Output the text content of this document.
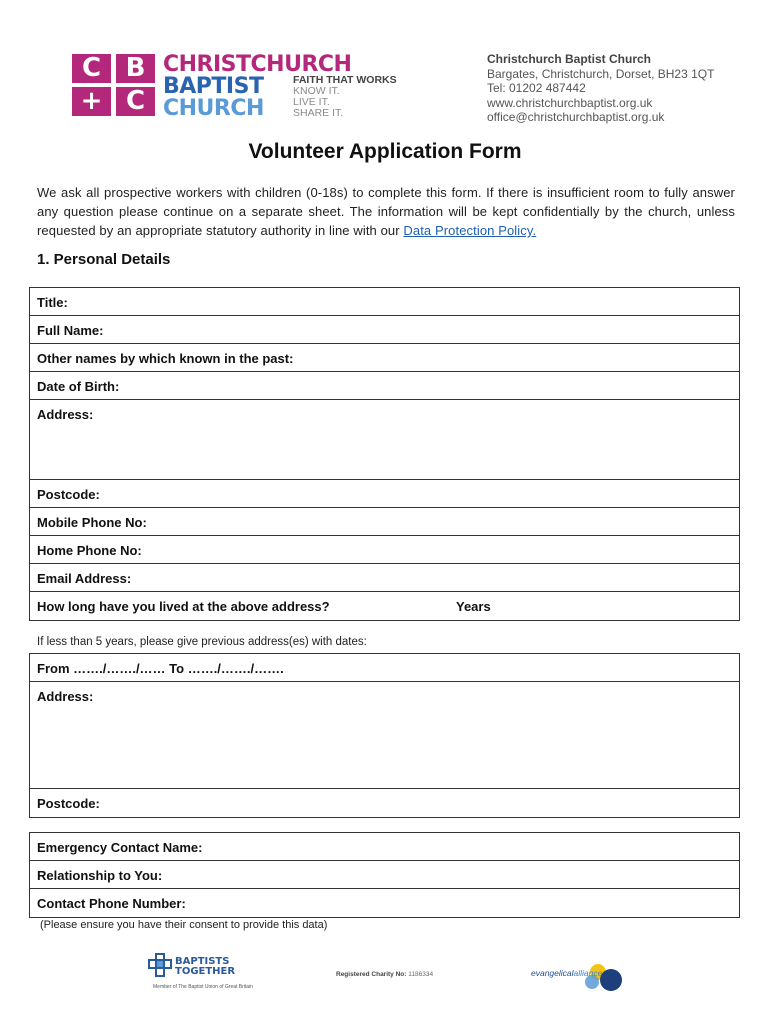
C B
+ C
CHRISTCHURCH
BAPTIST
CHURCH
FAITH THAT WORKS
KNOW IT.
LIVE IT.
SHARE IT.
Christchurch Baptist Church
Bargates, Christchurch, Dorset, BH23 1QT
Tel: 01202 487442
www.christchurchbaptist.org.uk
office@christchurchbaptist.org.uk
Volunteer Application Form
We ask all prospective workers with children (0-18s) to complete this form. If there is insufficient room to fully answer any question please continue on a separate sheet. The information will be kept confidentially by the church, unless requested by an appropriate statutory authority in line with our Data Protection Policy.
1. Personal Details
Title:
Full Name:
Other names by which known in the past:
Date of Birth:
Address:
Postcode:
Mobile Phone No:
Home Phone No:
Email Address:
How long have you lived at the above address?	Years
If less than 5 years, please give previous address(es) with dates:
From ……./……./…… To ……./……./…….
Address:
Postcode:
Emergency Contact Name:
Relationship to You:
Contact Phone Number:
(Please ensure you have their consent to provide this data)
BAPTISTS
TOGETHER
Member of The Baptist Union of Great Britain
Registered Charity No: 1186334	evangelicalalliance
